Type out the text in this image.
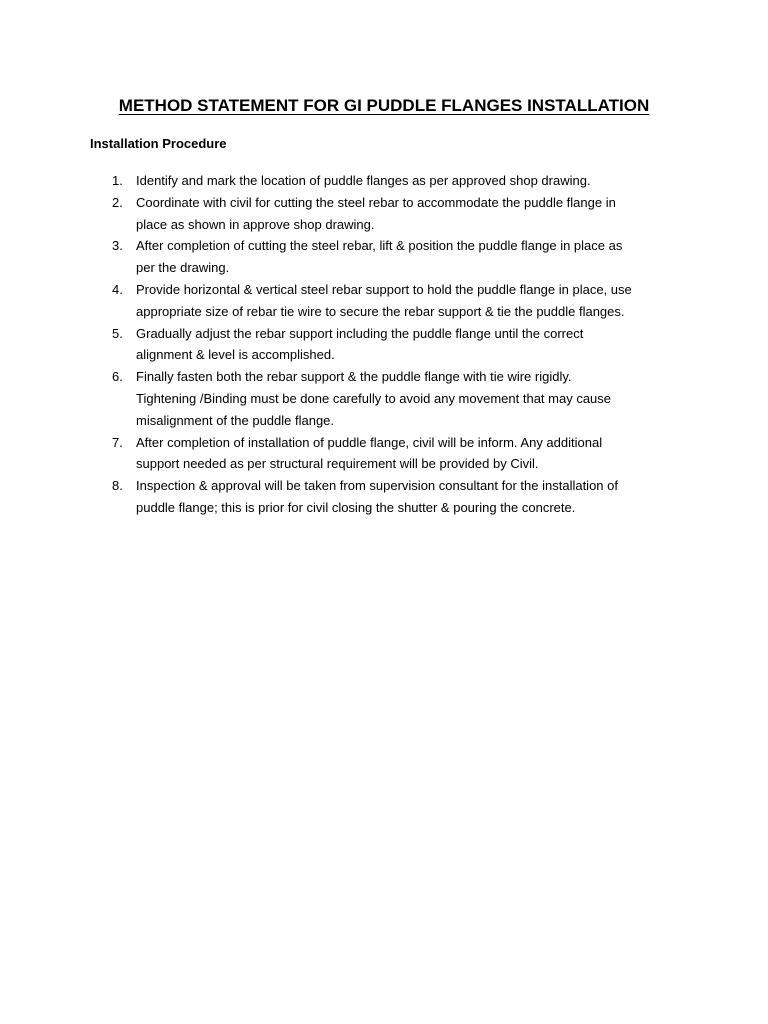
METHOD STATEMENT FOR GI PUDDLE FLANGES INSTALLATION
Installation Procedure
1.	Identify and mark the location of puddle flanges as per approved shop drawing.
2.	Coordinate with civil for cutting the steel rebar to accommodate the puddle flange in
place as shown in approve shop drawing.
3.	After completion of cutting the steel rebar, lift & position the puddle flange in place as
per the drawing.
4.	Provide horizontal & vertical steel rebar support to hold the puddle flange in place, use
appropriate size of rebar tie wire to secure the rebar support & tie the puddle flanges.
5.	Gradually adjust the rebar support including the puddle flange until the correct
alignment & level is accomplished.
6.	Finally fasten both the rebar support & the puddle flange with tie wire rigidly.
Tightening /Binding must be done carefully to avoid any movement that may cause
misalignment of the puddle flange.
7.	After completion of installation of puddle flange, civil will be inform. Any additional
support needed as per structural requirement will be provided by Civil.
8.	Inspection & approval will be taken from supervision consultant for the installation of
puddle flange; this is prior for civil closing the shutter & pouring the concrete.
